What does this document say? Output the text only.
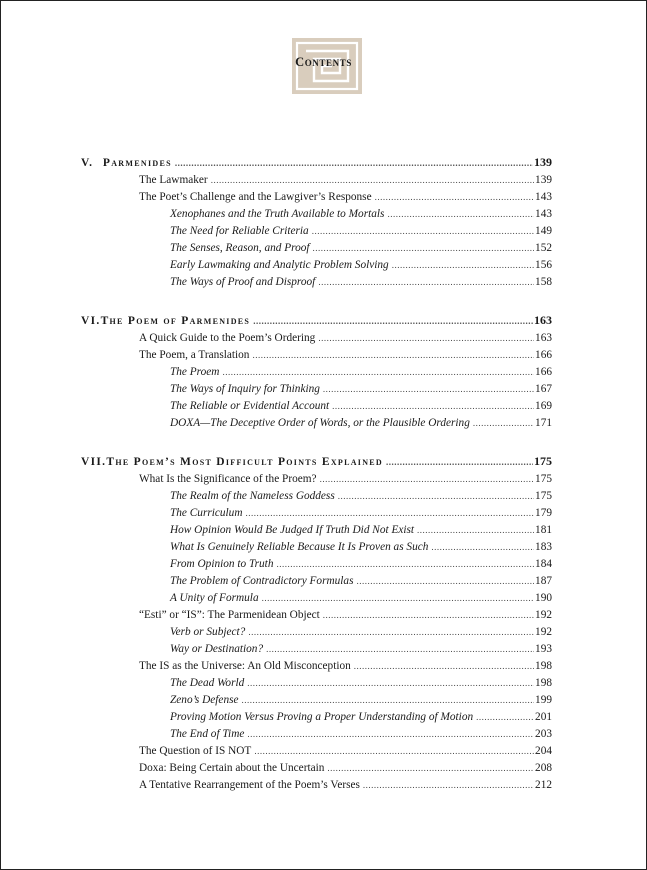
Contents
V. Parmenides .....	139
The Lawmaker .....	139
The Poet’s Challenge and the Lawgiver’s Response .....	143
Xenophanes and the Truth Available to Mortals .....	143
The Need for Reliable Criteria .....	149
The Senses, Reason, and Proof .....	152
Early Lawmaking and Analytic Problem Solving .....	156
The Ways of Proof and Disproof .....	158
VI. The Poem of Parmenides .....	163
A Quick Guide to the Poem’s Ordering .....	163
The Poem, a Translation .....	166
The Proem .....	166
The Ways of Inquiry for Thinking .....	167
The Reliable or Evidential Account .....	169
DOXA—The Deceptive Order of Words, or the Plausible Ordering .....	171
VII. The Poem’s Most Difficult Points Explained .....	175
What Is the Significance of the Proem? .....	175
The Realm of the Nameless Goddess .....	175
The Curriculum .....	179
How Opinion Would Be Judged If Truth Did Not Exist .....	181
What Is Genuinely Reliable Because It Is Proven as Such .....	183
From Opinion to Truth .....	184
The Problem of Contradictory Formulas .....	187
A Unity of Formula .....	190
“Esti” or “IS”: The Parmenidean Object .....	192
Verb or Subject? .....	192
Way or Destination? .....	193
The IS as the Universe: An Old Misconception .....	198
The Dead World .....	198
Zeno’s Defense .....	199
Proving Motion Versus Proving a Proper Understanding of Motion .....	201
The End of Time .....	203
The Question of IS NOT .....	204
Doxa: Being Certain about the Uncertain .....	208
A Tentative Rearrangement of the Poem’s Verses .....	212
